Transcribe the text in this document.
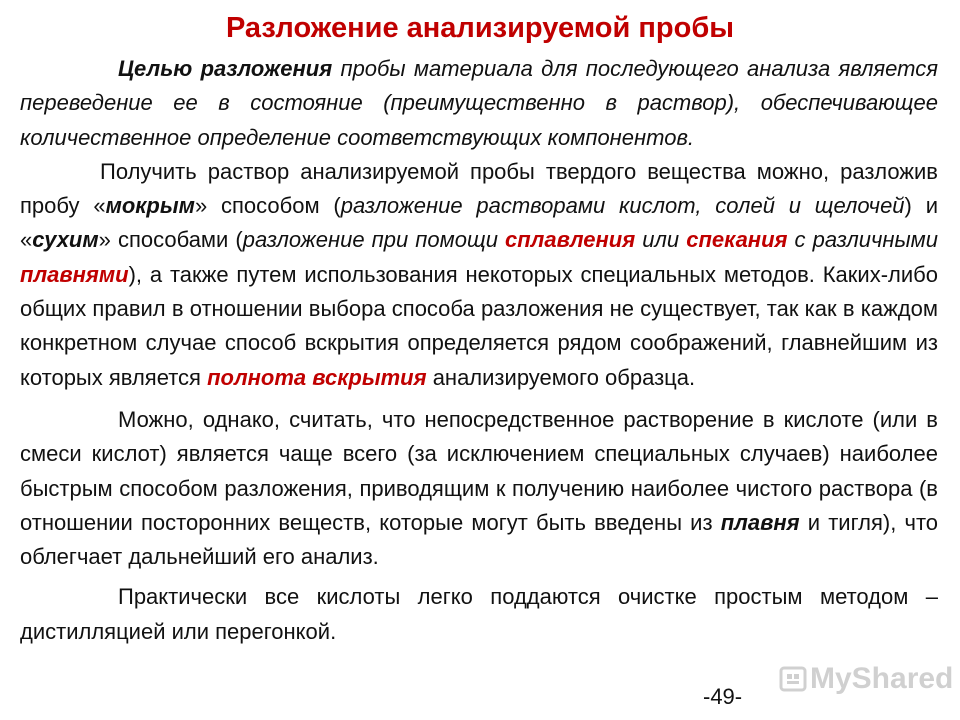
Разложение анализируемой пробы

Целью разложения пробы материала для последующего анализа является переведение ее в состояние (преимущественно в раствор), обеспечивающее количественное определение соответствующих компонентов.

Получить раствор анализируемой пробы твердого вещества можно, разложив пробу «мокрым» способом (разложение растворами кислот, солей и щелочей) и «сухим» способами (разложение при помощи сплавления или спекания с различными плавнями), а также путем использования некоторых специальных методов. Каких-либо общих правил в отношении выбора способа разложения не существует, так как в каждом конкретном случае способ вскрытия определяется рядом соображений, главнейшим из которых является полнота вскрытия анализируемого образца.

Можно, однако, считать, что непосредственное растворение в кислоте (или в смеси кислот) является чаще всего (за исключением специальных случаев) наиболее быстрым способом разложения, приводящим к получению наиболее чистого раствора (в отношении посторонних веществ, которые могут быть введены из плавня и тигля), что облегчает дальнейший его анализ.

Практически все кислоты легко поддаются очистке простым методом – дистилляцией или перегонкой.

-49-
MyShared
